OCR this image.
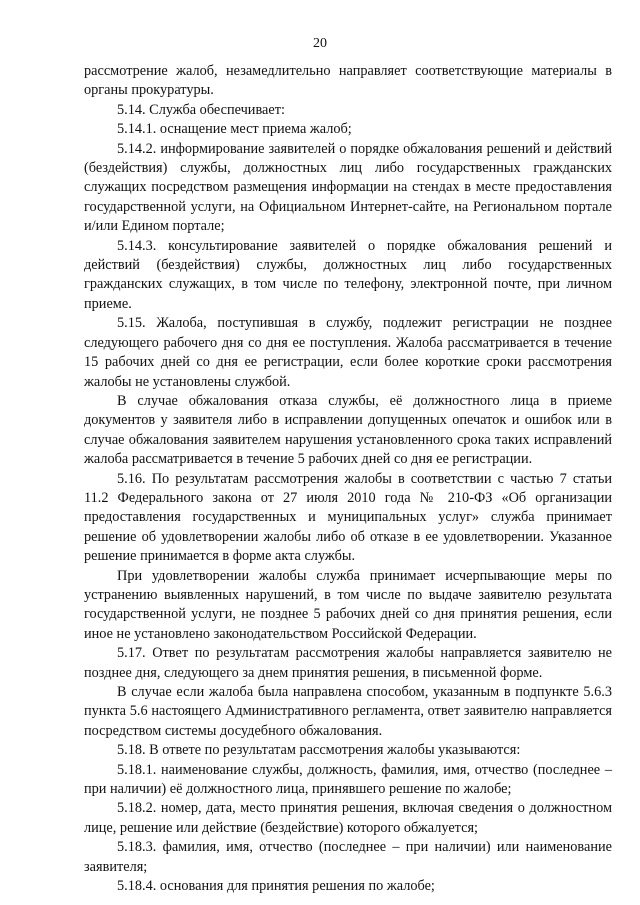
20

рассмотрение жалоб, незамедлительно направляет соответствующие материалы в органы прокуратуры.

5.14. Служба обеспечивает:

5.14.1. оснащение мест приема жалоб;

5.14.2. информирование заявителей о порядке обжалования решений и действий (бездействия) службы, должностных лиц либо государственных гражданских служащих посредством размещения информации на стендах в месте предоставления государственной услуги, на Официальном Интернет-сайте, на Региональном портале и/или Едином портале;

5.14.3. консультирование заявителей о порядке обжалования решений и действий (бездействия) службы, должностных лиц либо государственных гражданских служащих, в том числе по телефону, электронной почте, при личном приеме.

5.15. Жалоба, поступившая в службу, подлежит регистрации не позднее следующего рабочего дня со дня ее поступления. Жалоба рассматривается в течение 15 рабочих дней со дня ее регистрации, если более короткие сроки рассмотрения жалобы не установлены службой.

В случае обжалования отказа службы, её должностного лица в приеме документов у заявителя либо в исправлении допущенных опечаток и ошибок или в случае обжалования заявителем нарушения установленного срока таких исправлений жалоба рассматривается в течение 5 рабочих дней со дня ее регистрации.

5.16. По результатам рассмотрения жалобы в соответствии с частью 7 статьи 11.2 Федерального закона от 27 июля 2010 года № 210-ФЗ «Об организации предоставления государственных и муниципальных услуг» служба принимает решение об удовлетворении жалобы либо об отказе в ее удовлетворении. Указанное решение принимается в форме акта службы.

При удовлетворении жалобы служба принимает исчерпывающие меры по устранению выявленных нарушений, в том числе по выдаче заявителю результата государственной услуги, не позднее 5 рабочих дней со дня принятия решения, если иное не установлено законодательством Российской Федерации.

5.17. Ответ по результатам рассмотрения жалобы направляется заявителю не позднее дня, следующего за днем принятия решения, в письменной форме.

В случае если жалоба была направлена способом, указанным в подпункте 5.6.3 пункта 5.6 настоящего Административного регламента, ответ заявителю направляется посредством системы досудебного обжалования.

5.18. В ответе по результатам рассмотрения жалобы указываются:

5.18.1. наименование службы, должность, фамилия, имя, отчество (последнее – при наличии) её должностного лица, принявшего решение по жалобе;

5.18.2. номер, дата, место принятия решения, включая сведения о должностном лице, решение или действие (бездействие) которого обжалуется;

5.18.3. фамилия, имя, отчество (последнее – при наличии) или наименование заявителя;

5.18.4. основания для принятия решения по жалобе;
